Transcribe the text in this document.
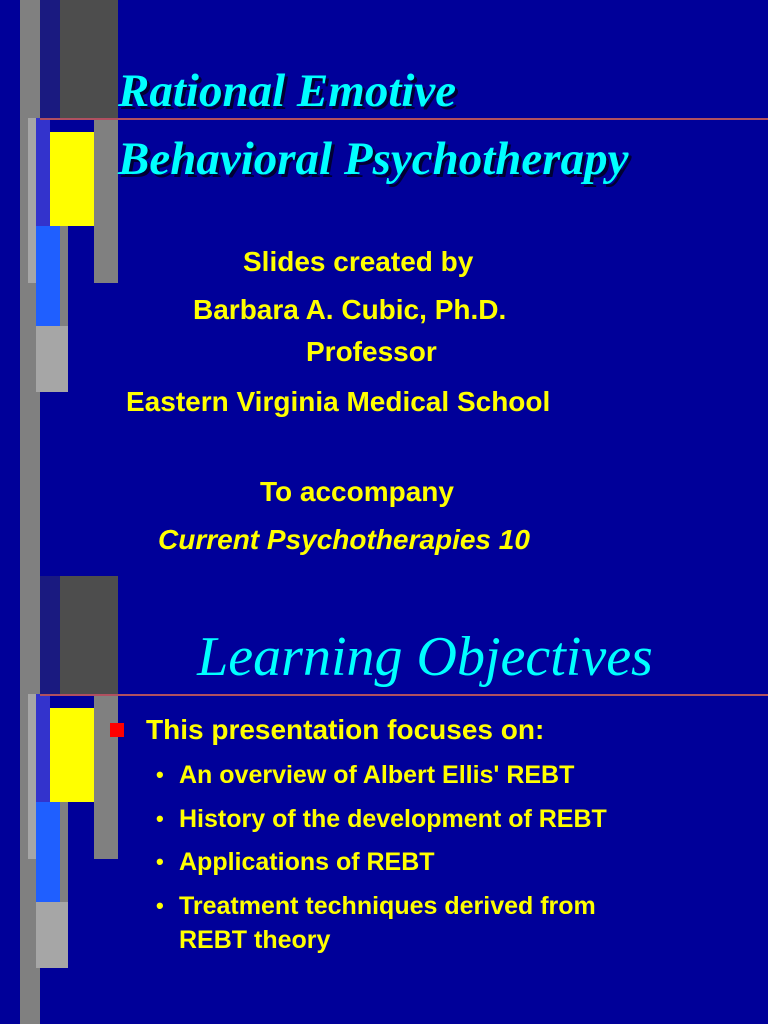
Rational Emotive
Behavioral Psychotherapy
Slides created by
Barbara A. Cubic, Ph.D.
Professor
Eastern Virginia Medical School
To accompany
Current Psychotherapies 10
Learning Objectives
This presentation focuses on:
• An overview of Albert Ellis' REBT
• History of the development of REBT
• Applications of REBT
• Treatment techniques derived from
REBT theory
